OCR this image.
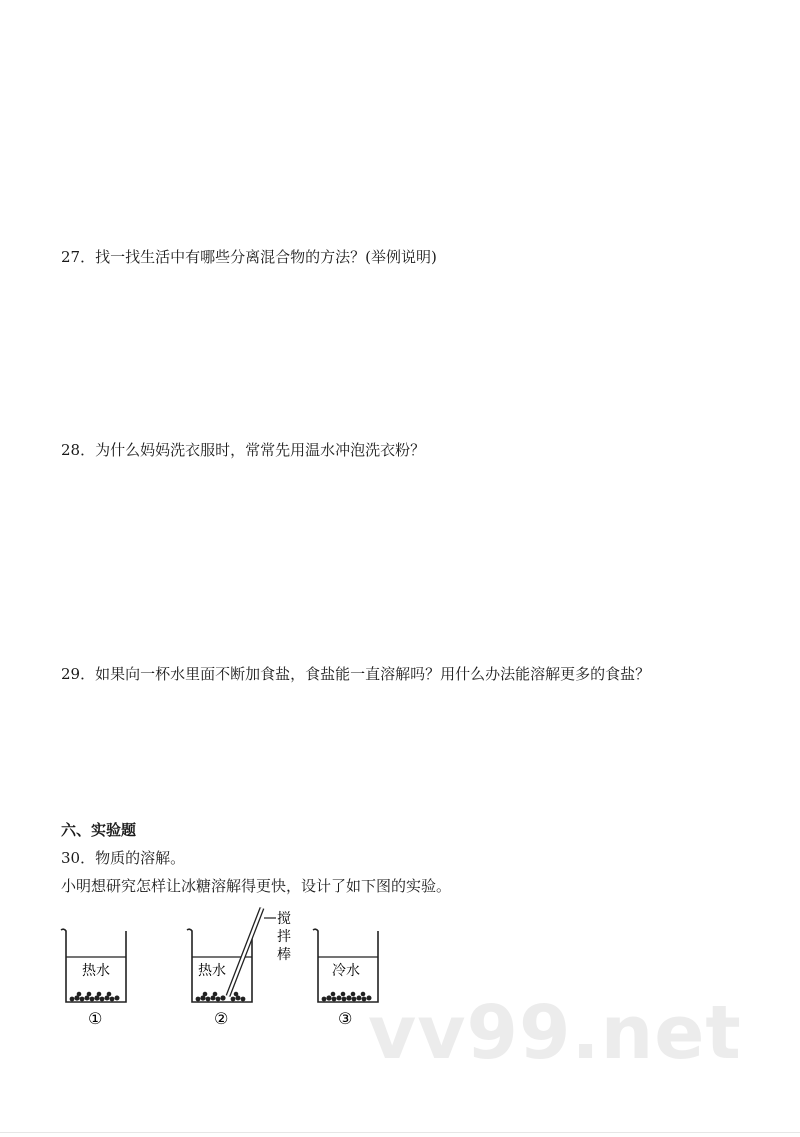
27．找一找生活中有哪些分离混合物的方法？(举例说明)
28．为什么妈妈洗衣服时，常常先用温水冲泡洗衣粉？
29．如果向一杯水里面不断加食盐，食盐能一直溶解吗？用什么办法能溶解更多的食盐？
六、实验题
30．物质的溶解。
小明想研究怎样让冰糖溶解得更快，设计了如下图的实验。
热水
①
热水
②
搅
拌
棒
冷水
③ vv99.net
